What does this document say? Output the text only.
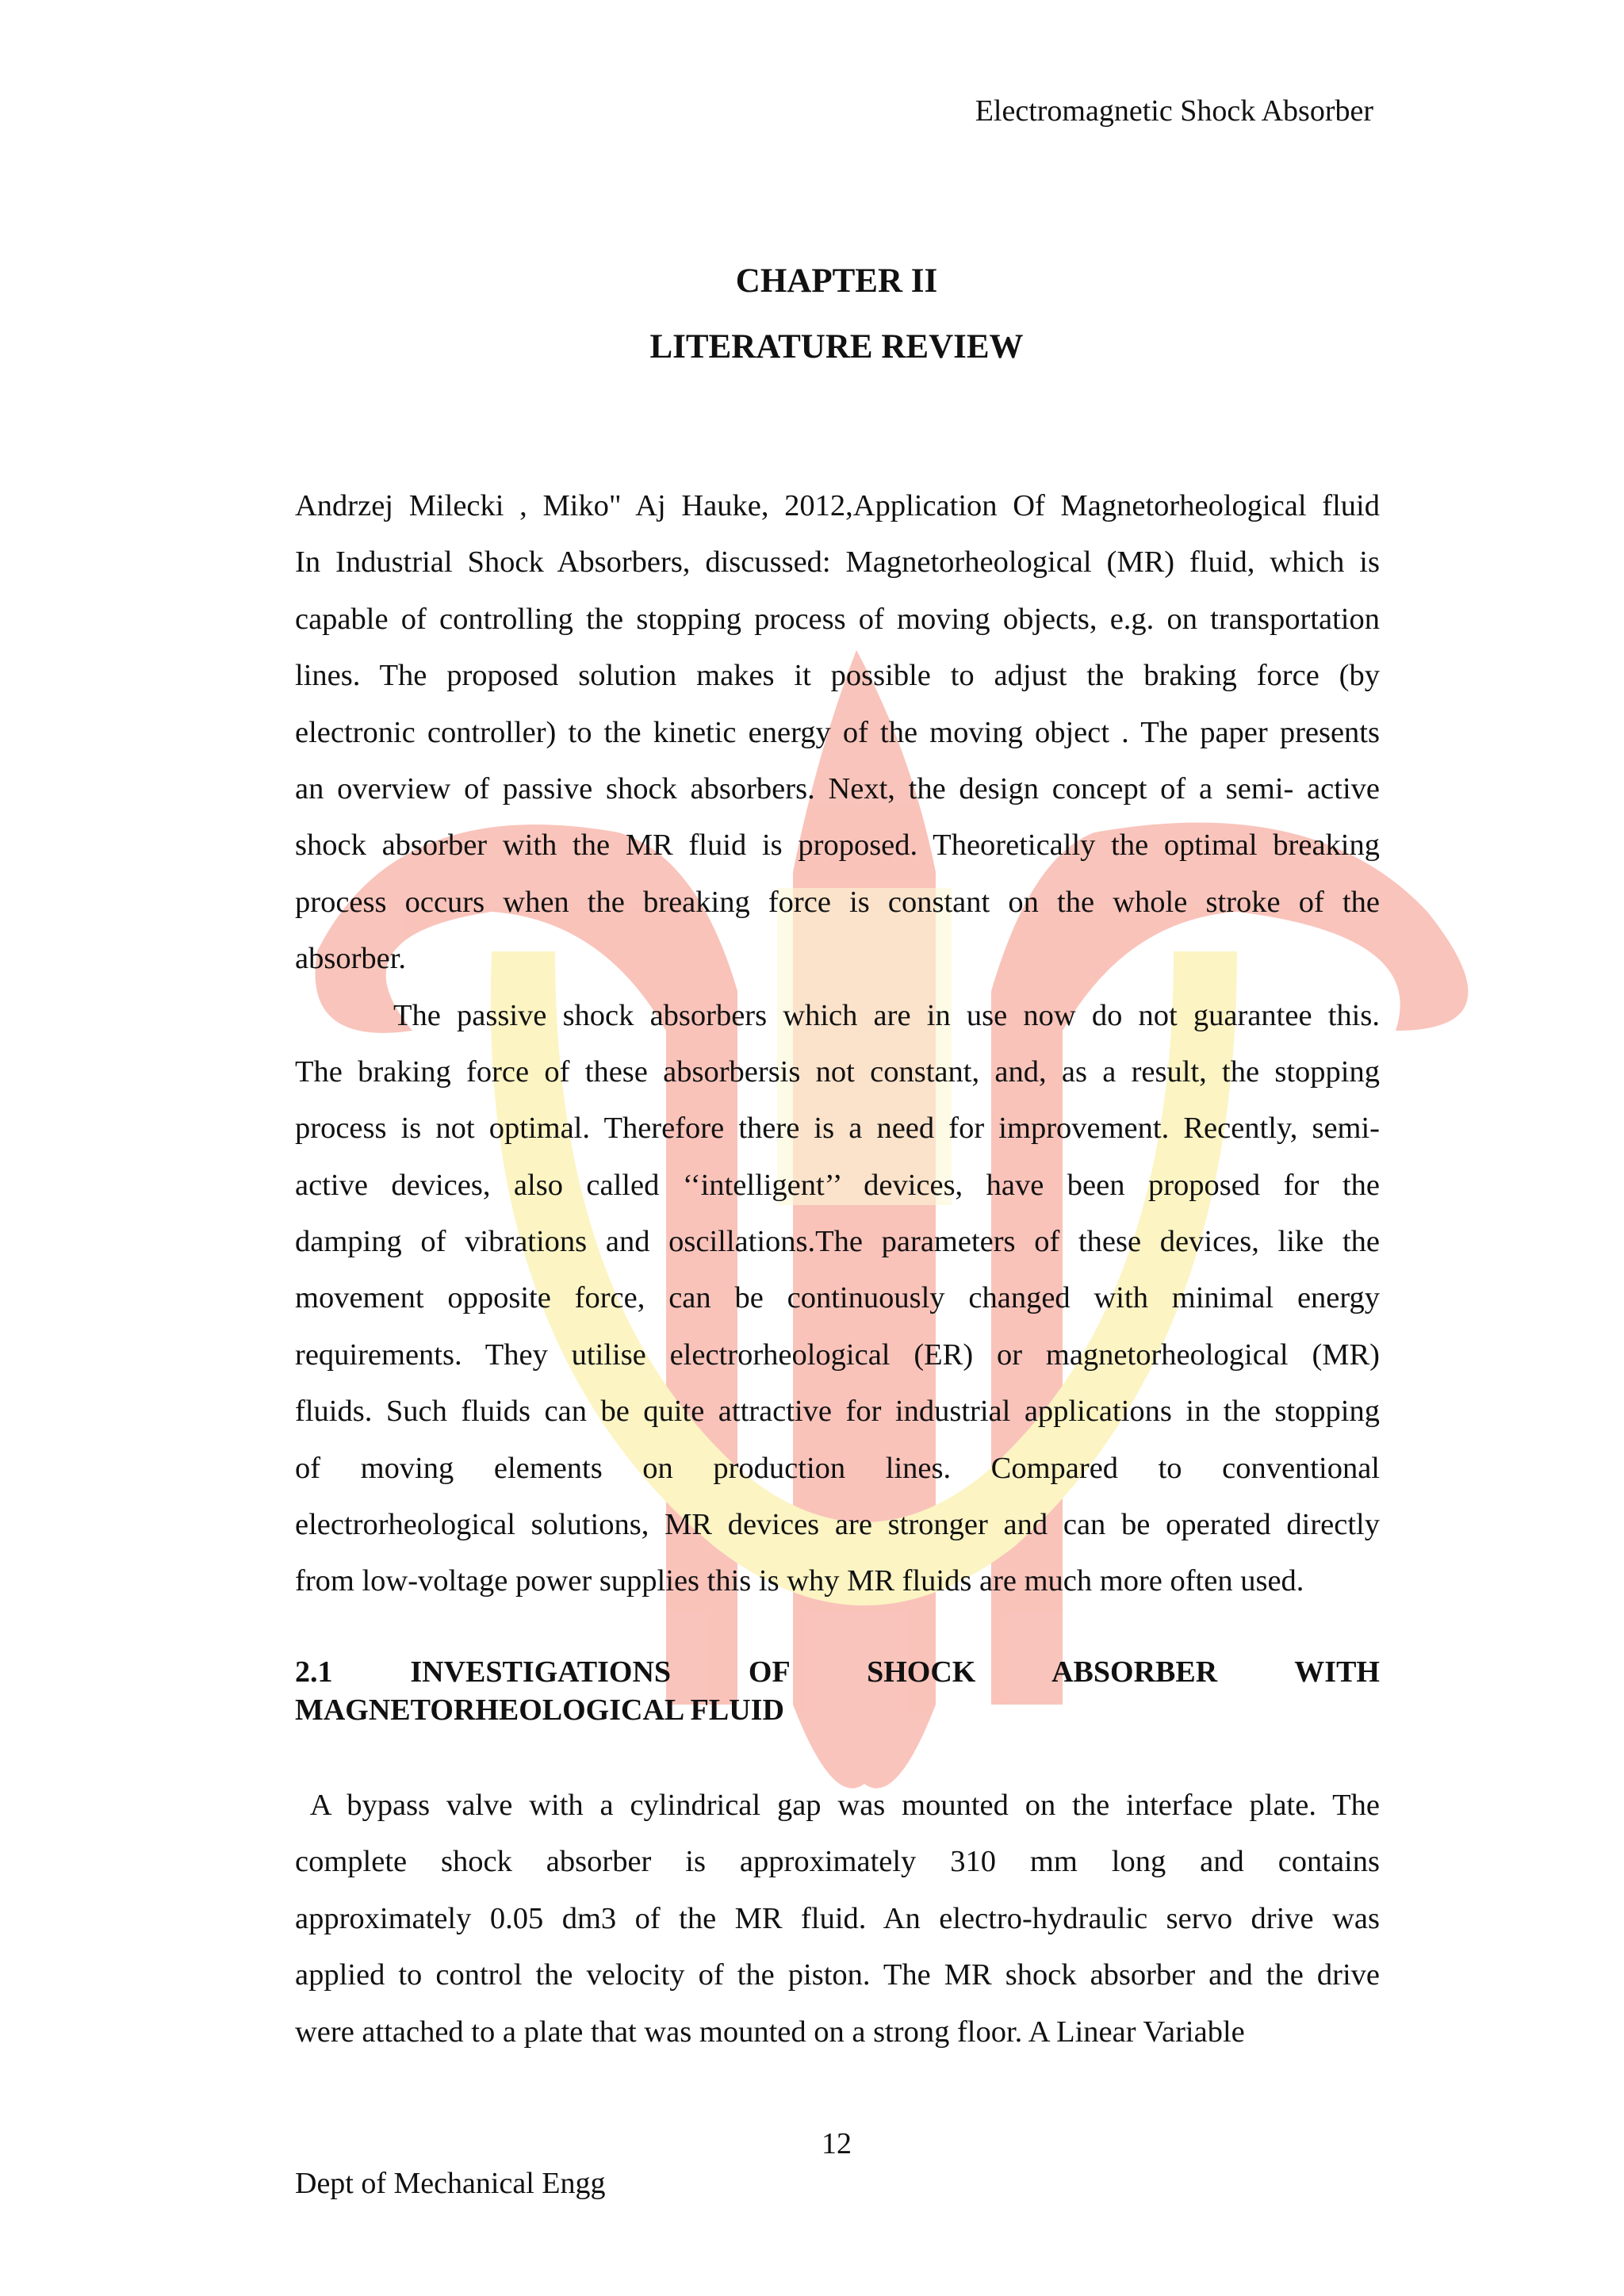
Electromagnetic Shock Absorber
CHAPTER II
LITERATURE REVIEW
Andrzej Milecki , Miko" Aj Hauke, 2012,Application Of Magnetorheological fluid
In Industrial Shock Absorbers, discussed: Magnetorheological (MR) fluid, which is
capable of controlling the stopping process of moving objects, e.g. on transportation
lines. The proposed solution makes it possible to adjust the braking force (by
electronic controller) to the kinetic energy of the moving object . The paper presents
an overview of passive shock absorbers. Next, the design concept of a semi- active
shock absorber with the MR fluid is proposed. Theoretically the optimal breaking
process occurs when the breaking force is constant on the whole stroke of the
absorber.
The passive shock absorbers which are in use now do not guarantee this.
The braking force of these absorbersis not constant, and, as a result, the stopping
process is not optimal. Therefore there is a need for improvement. Recently, semi-
active devices, also called ‘‘intelligent’’ devices, have been proposed for the
damping of vibrations and oscillations.The parameters of these devices, like the
movement opposite force, can be continuously changed with minimal energy
requirements. They utilise electrorheological (ER) or magnetorheological (MR)
fluids. Such fluids can be quite attractive for industrial applications in the stopping
of moving elements on production lines. Compared to conventional
electrorheological solutions, MR devices are stronger and can be operated directly
from low-voltage power supplies this is why MR fluids are much more often used.
2.1 INVESTIGATIONS OF SHOCK ABSORBER WITH
MAGNETORHEOLOGICAL FLUID
A bypass valve with a cylindrical gap was mounted on the interface plate. The
complete shock absorber is approximately 310 mm long and contains
approximately 0.05 dm3 of the MR fluid. An electro-hydraulic servo drive was
applied to control the velocity of the piston. The MR shock absorber and the drive
were attached to a plate that was mounted on a strong floor. A Linear Variable
12
Dept of Mechanical Engg
